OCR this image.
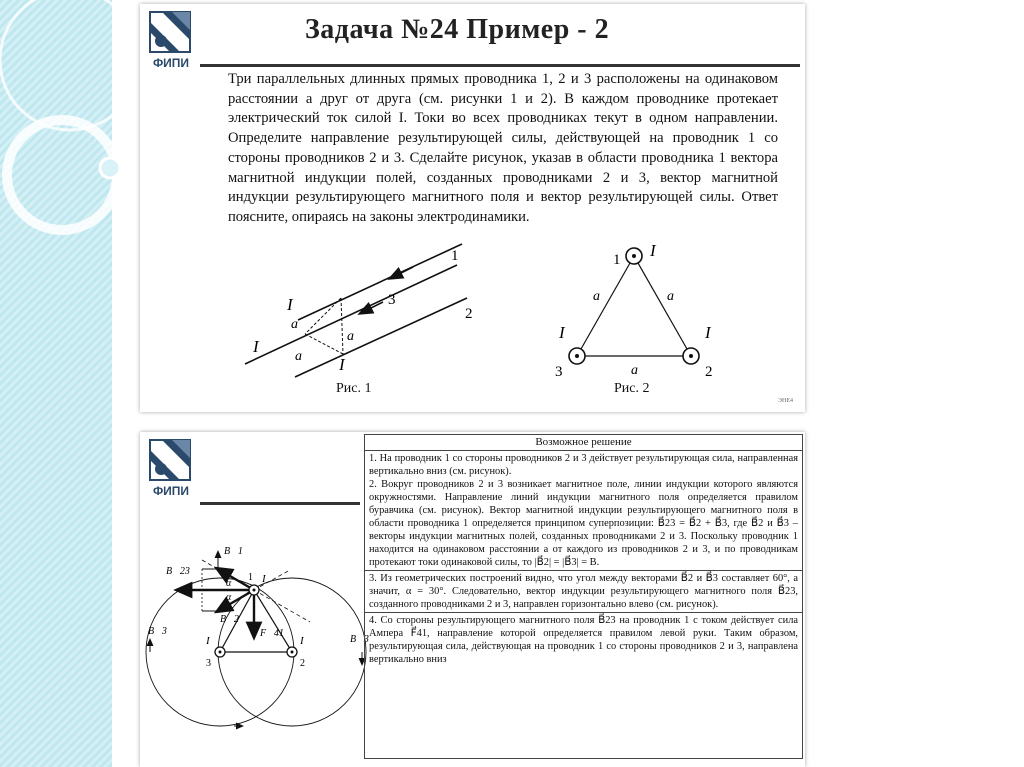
ФИПИ
Задача №24 Пример - 2
Три параллельных длинных прямых проводника 1, 2 и 3 расположены на одинаковом расстоянии a друг от друга (см. рисунки 1 и 2). В каждом проводнике протекает электрический ток силой I. Токи во всех проводниках текут в одном направлении. Определите направление результирующей силы, действующей на проводник 1 со стороны проводников 2 и 3. Сделайте рисунок, указав в области проводника 1 вектора магнитной индукции полей, созданных проводниками 2 и 3, вектор магнитной индукции результирующего магнитного поля и вектор результирующей силы. Ответ поясните, опираясь на законы электродинамики.
1
2
3
I
I
I
a
a
a
Рис. 1
1
2
3
I
I	I
a	a
a
Рис. 2
ЭНЕ4
ФИПИ
B⃗1
B⃗23
B⃗2
B⃗3
B⃗3
F⃗41
α
α
1
2
3
I
I	I
Возможное решение

1. На проводник 1 со стороны проводников 2 и 3 действует результирующая сила, направленная вертикально вниз (см. рисунок).

2. Вокруг проводников 2 и 3 возникает магнитное поле, линии индукции которого являются окружностями. Направление линий индукции магнитного поля определяется правилом буравчика (см. рисунок). Вектор магнитной индукции результирующего магнитного поля в области проводника 1 определяется принципом суперпозиции: B⃗23 = B⃗2 + B⃗3, где B⃗2 и B⃗3 – векторы индукции магнитных полей, созданных проводниками 2 и 3. Поскольку проводник 1 находится на одинаковом расстоянии a от каждого из проводников 2 и 3, и по проводникам протекают токи одинаковой силы, то |B⃗2| = |B⃗3| = B.

3. Из геометрических построений видно, что угол между векторами B⃗2 и B⃗3 составляет 60°, а значит, α = 30°. Следовательно, вектор индукции результирующего магнитного поля B⃗23, созданного проводниками 2 и 3, направлен горизонтально влево (см. рисунок).

4. Со стороны результирующего магнитного поля B⃗23 на проводник 1 с током действует сила Ампера F⃗41, направление которой определяется правилом левой руки. Таким образом, результирующая сила, действующая на проводник 1 со стороны проводников 2 и 3, направлена вертикально вниз
